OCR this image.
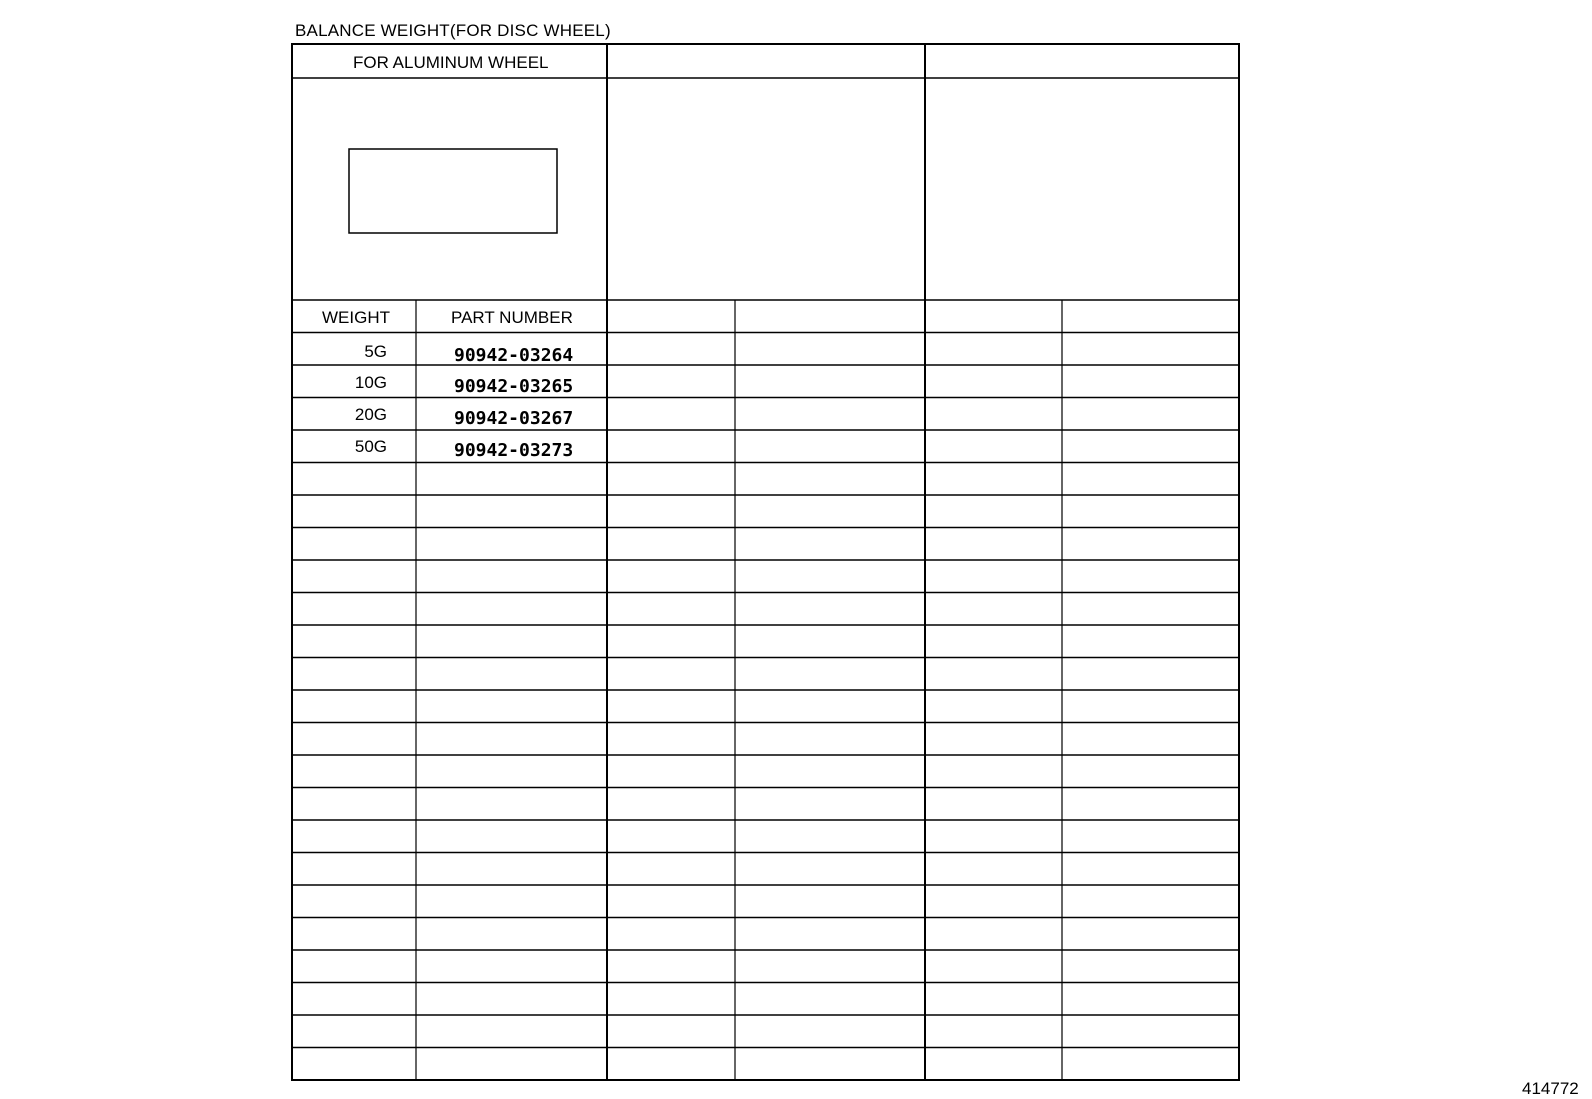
BALANCE WEIGHT(FOR DISC WHEEL)
FOR ALUMINUM WHEEL
WEIGHT	PART NUMBER
5G	90942-03264
10G	90942-03265
20G	90942-03267
50G	90942-03273
414772
